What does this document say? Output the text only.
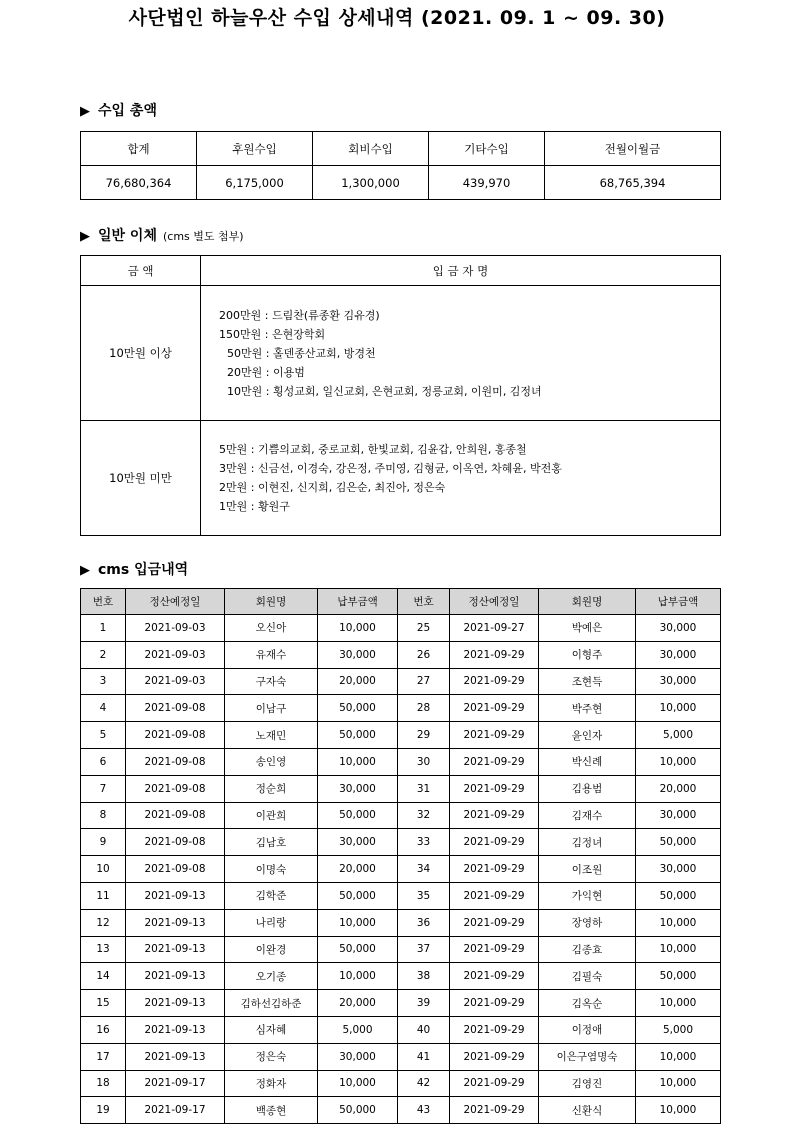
사단법인 하늘우산 수입 상세내역 (2021. 09. 1 ~ 09. 30)
▶ 수입 총액
합계	후원수입	회비수입	기타수입	전월이월금
76,680,364	6,175,000	1,300,000	439,970	68,765,394
▶ 일반 이체 (cms 별도 첨부)
금 액	입 금 자 명
10만원 이상	200만원 : 드림찬(류종환 김유경)
150만원 : 은현장학회
50만원 : 홀덴종산교회, 방경천
20만원 : 이용범
10만원 : 횡성교회, 일신교회, 은현교회, 정릉교회, 이원미, 김정녀

10만원 미만	5만원 : 기쁨의교회, 중로교회, 한빛교회, 김윤갑, 안희원, 홍종철
3만원 : 신금선, 이경숙, 강은정, 주미영, 김형균, 이옥연, 차혜윤, 박전홍
2만원 : 이현진, 신지희, 김은순, 최진아, 정은숙
1만원 : 황원구
▶ cms 입금내역
번호	정산예정일	회원명	납부금액	번호	정산예정일	회원명	납부금액
1	2021-09-03	오신아	10,000	25	2021-09-27	박예은	30,000
2	2021-09-03	유재수	30,000	26	2021-09-29	이형주	30,000
3	2021-09-03	구자숙	20,000	27	2021-09-29	조현득	30,000
4	2021-09-08	이남구	50,000	28	2021-09-29	박주현	10,000
5	2021-09-08	노재민	50,000	29	2021-09-29	윤인자	5,000
6	2021-09-08	송인영	10,000	30	2021-09-29	박신례	10,000
7	2021-09-08	정순희	30,000	31	2021-09-29	김용범	20,000
8	2021-09-08	이관희	50,000	32	2021-09-29	김재수	30,000
9	2021-09-08	김남호	30,000	33	2021-09-29	김정녀	50,000
10	2021-09-08	이명숙	20,000	34	2021-09-29	이조원	30,000
11	2021-09-13	김학준	50,000	35	2021-09-29	가익현	50,000
12	2021-09-13	나리랑	10,000	36	2021-09-29	장영하	10,000
13	2021-09-13	이완경	50,000	37	2021-09-29	김종효	10,000
14	2021-09-13	오기종	10,000	38	2021-09-29	김필숙	50,000
15	2021-09-13	김하선김하준	20,000	39	2021-09-29	김옥순	10,000
16	2021-09-13	심자혜	5,000	40	2021-09-29	이정애	5,000
17	2021-09-13	정은숙	30,000	41	2021-09-29	이은구염명숙	10,000
18	2021-09-17	정화자	10,000	42	2021-09-29	김영진	10,000
19	2021-09-17	백종현	50,000	43	2021-09-29	신환식	10,000
